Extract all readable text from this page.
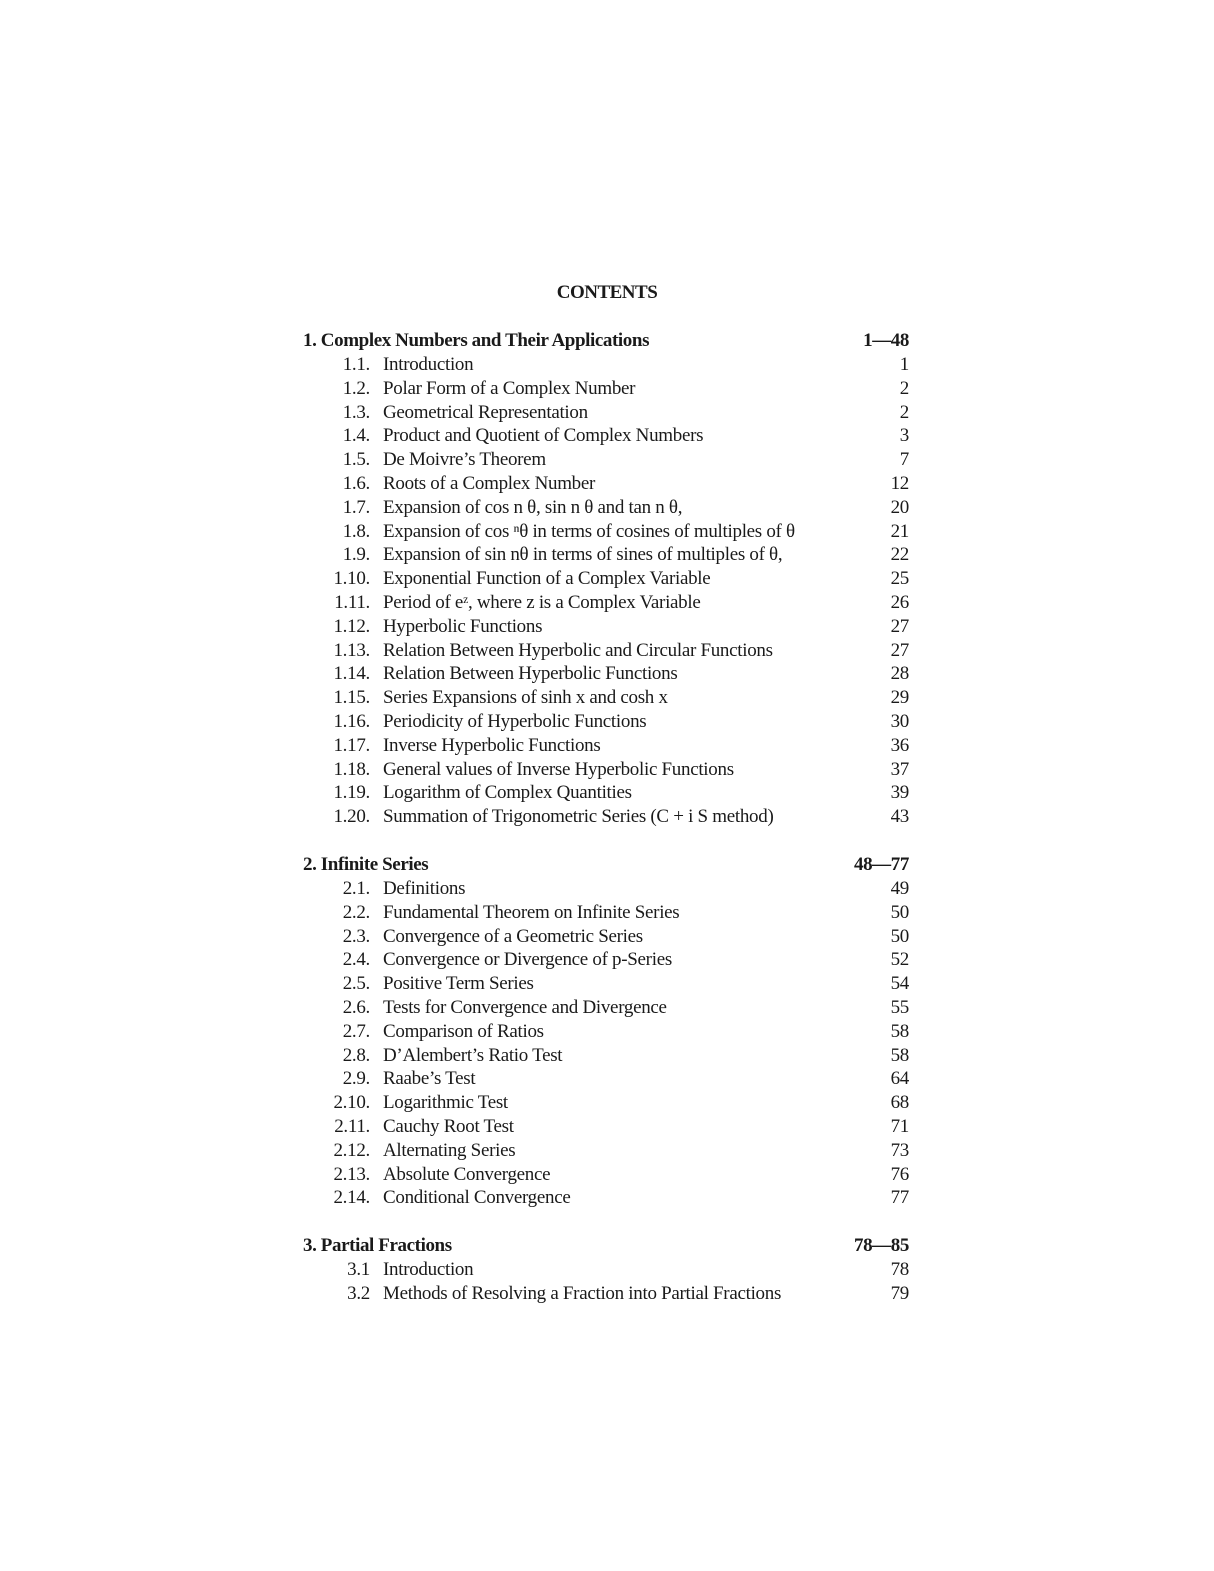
CONTENTS
1. Complex Numbers and Their Applications	1—48
1.1. Introduction	1
1.2. Polar Form of a Complex Number	2
1.3. Geometrical Representation	2
1.4. Product and Quotient of Complex Numbers	3
1.5. De Moivre’s Theorem	7
1.6. Roots of a Complex Number	12
1.7. Expansion of cos n θ, sin n θ and tan n θ,	20
1.8. Expansion of cos ⁿθ in terms of cosines of multiples of θ	21
1.9. Expansion of sin nθ in terms of sines of multiples of θ,	22
1.10. Exponential Function of a Complex Variable	25
1.11. Period of eᶻ, where z is a Complex Variable	26
1.12. Hyperbolic Functions	27
1.13. Relation Between Hyperbolic and Circular Functions	27
1.14. Relation Between Hyperbolic Functions	28
1.15. Series Expansions of sinh x and cosh x	29
1.16. Periodicity of Hyperbolic Functions	30
1.17. Inverse Hyperbolic Functions	36
1.18. General values of Inverse Hyperbolic Functions	37
1.19. Logarithm of Complex Quantities	39
1.20. Summation of Trigonometric Series (C + i S method)	43
2. Infinite Series	48—77
2.1. Definitions	49
2.2. Fundamental Theorem on Infinite Series	50
2.3. Convergence of a Geometric Series	50
2.4. Convergence or Divergence of p-Series	52
2.5. Positive Term Series	54
2.6. Tests for Convergence and Divergence	55
2.7. Comparison of Ratios	58
2.8. D’Alembert’s Ratio Test	58
2.9. Raabe’s Test	64
2.10. Logarithmic Test	68
2.11. Cauchy Root Test	71
2.12. Alternating Series	73
2.13. Absolute Convergence	76
2.14. Conditional Convergence	77
3. Partial Fractions	78—85
3.1 Introduction	78
3.2 Methods of Resolving a Fraction into Partial Fractions	79
